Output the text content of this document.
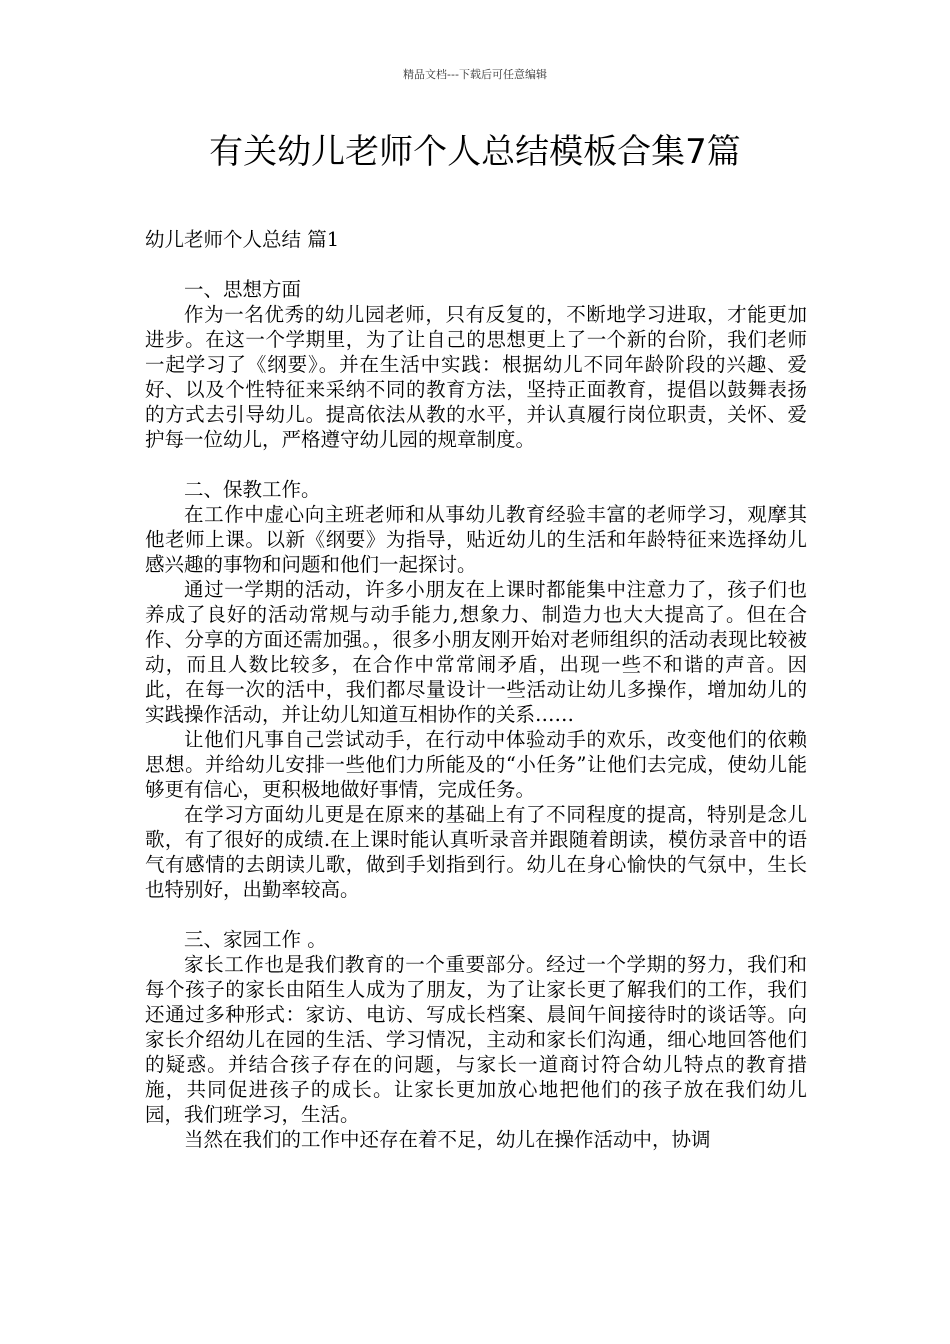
精品文档---下载后可任意编辑
有关幼儿老师个人总结模板合集7篇

幼儿老师个人总结 篇1

一、思想方面

作为一名优秀的幼儿园老师，只有反复的，不断地学习进取，才能更加进步。在这一个学期里，为了让自己的思想更上了一个新的台阶，我们老师一起学习了《纲要》。并在生活中实践：根据幼儿不同年龄阶段的兴趣、爱好、以及个性特征来采纳不同的教育方法，坚持正面教育，提倡以鼓舞表扬的方式去引导幼儿。提高依法从教的水平，并认真履行岗位职责，关怀、爱护每一位幼儿，严格遵守幼儿园的规章制度。

二、保教工作。

在工作中虚心向主班老师和从事幼儿教育经验丰富的老师学习，观摩其他老师上课。以新《纲要》为指导，贴近幼儿的生活和年龄特征来选择幼儿感兴趣的事物和问题和他们一起探讨。

通过一学期的活动，许多小朋友在上课时都能集中注意力了，孩子们也养成了良好的活动常规与动手能力,想象力、制造力也大大提高了。但在合作、分享的方面还需加强。，很多小朋友刚开始对老师组织的活动表现比较被动，而且人数比较多，在合作中常常闹矛盾，出现一些不和谐的声音。因此，在每一次的活中，我们都尽量设计一些活动让幼儿多操作，增加幼儿的实践操作活动，并让幼儿知道互相协作的关系……

让他们凡事自己尝试动手，在行动中体验动手的欢乐，改变他们的依赖思想。并给幼儿安排一些他们力所能及的“小任务”让他们去完成，使幼儿能够更有信心，更积极地做好事情，完成任务。

在学习方面幼儿更是在原来的基础上有了不同程度的提高，特别是念儿歌，有了很好的成绩.在上课时能认真听录音并跟随着朗读，模仿录音中的语气有感情的去朗读儿歌，做到手划指到行。幼儿在身心愉快的气氛中，生长也特别好，出勤率较高。

三、家园工作 。

家长工作也是我们教育的一个重要部分。经过一个学期的努力，我们和每个孩子的家长由陌生人成为了朋友，为了让家长更了解我们的工作，我们还通过多种形式：家访、电访、写成长档案、晨间午间接待时的谈话等。向家长介绍幼儿在园的生活、学习情况，主动和家长们沟通，细心地回答他们的疑惑。并结合孩子存在的问题，与家长一道商讨符合幼儿特点的教育措施，共同促进孩子的成长。让家长更加放心地把他们的孩子放在我们幼儿园，我们班学习，生活。

当然在我们的工作中还存在着不足，幼儿在操作活动中，协调
